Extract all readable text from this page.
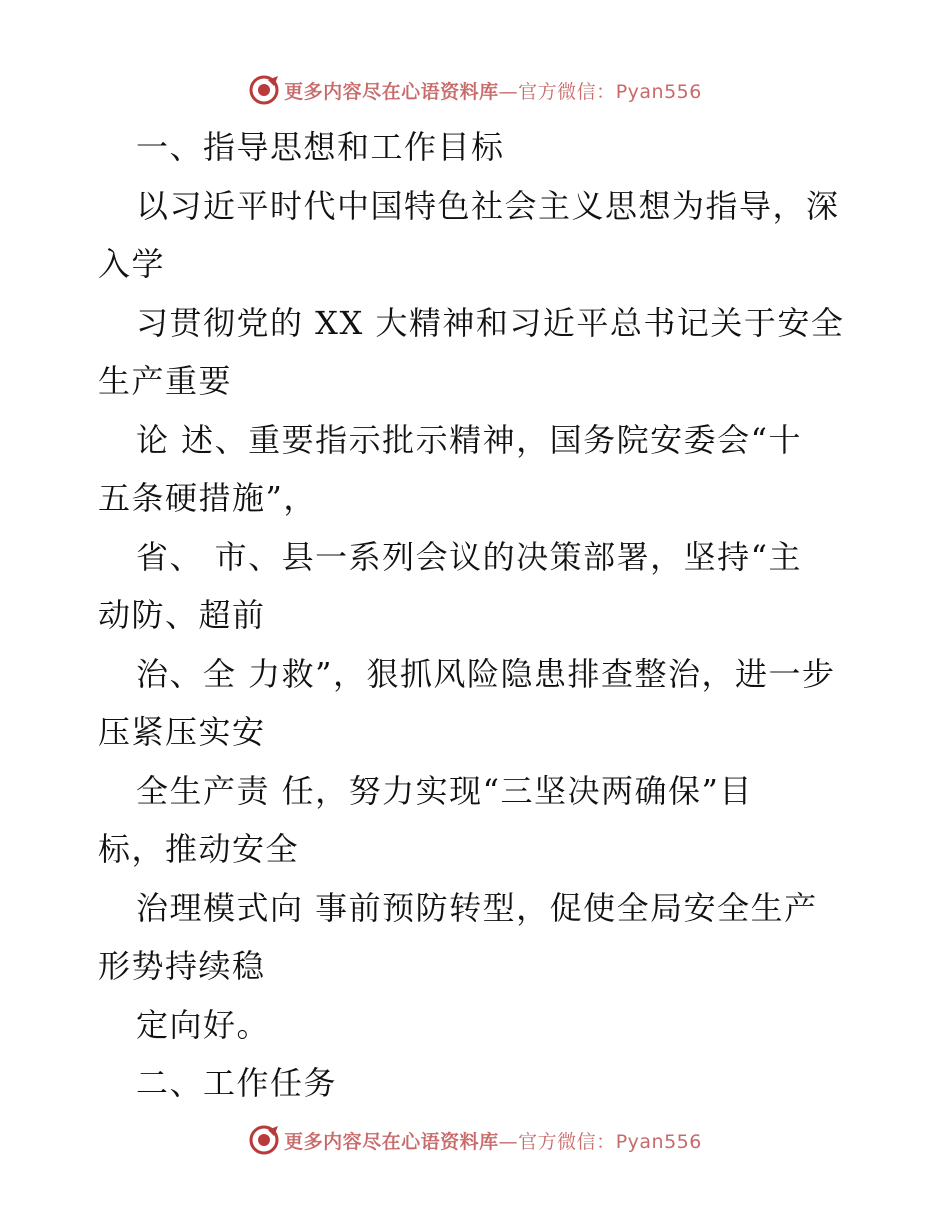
更多内容尽在心语资料库—官方微信：Pyan556
一、指导思想和工作目标
以习近平时代中国特色社会主义思想为指导，深
入学
习贯彻党的 XX 大精神和习近平总书记关于安全
生产重要
论 述、重要指示批示精神，国务院安委会“十
五条硬措施”，
省、 市、县一系列会议的决策部署，坚持“主
动防、超前
治、全 力救”，狠抓风险隐患排查整治，进一步
压紧压实安
全生产责 任，努力实现“三坚决两确保”目
标，推动安全
治理模式向 事前预防转型，促使全局安全生产
形势持续稳
定向好。
二、工作任务
更多内容尽在心语资料库—官方微信：Pyan556
